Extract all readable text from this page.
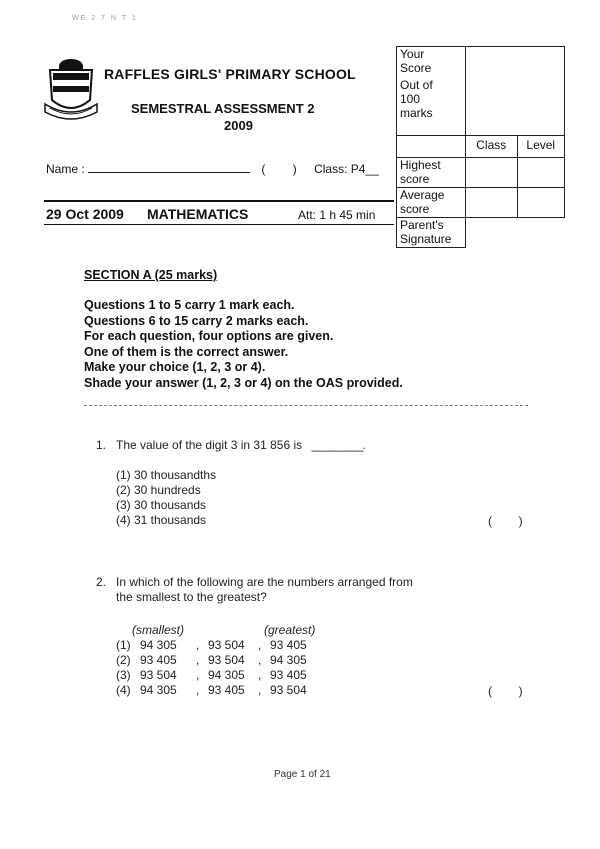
WE 2 7 N T 1
RAFFLES GIRLS' PRIMARY SCHOOL
SEMESTRAL ASSESSMENT 2
2009
Name :	( ) Class: P4__
29 Oct 2009 MATHEMATICS	Att: 1 h 45 min
Your Score
Out of
100
marks		

	Class	Level
Highest score		
Average score		
Parent's Signature		
SECTION A (25 marks)
Questions 1 to 5 carry 1 mark each.
Questions 6 to 15 carry 2 marks each.
For each question, four options are given.
One of them is the correct answer.
Make your choice (1, 2, 3 or 4).
Shade your answer (1, 2, 3 or 4) on the OAS provided.
1. The value of the digit 3 in 31 856 is _________.
(1) 30 thousandths
(2) 30 hundreds
(3) 30 thousands
(4) 31 thousands	(        )
2. In which of the following are the numbers arranged from
the smallest to the greatest?
(smallest)	(greatest)
(1) 94 305 , 93 504 , 93 405
(2) 93 405 , 93 504 , 94 305
(3) 93 504 , 94 305 , 93 405
(4) 94 305 , 93 405 , 93 504	(        )
Page 1 of 21
